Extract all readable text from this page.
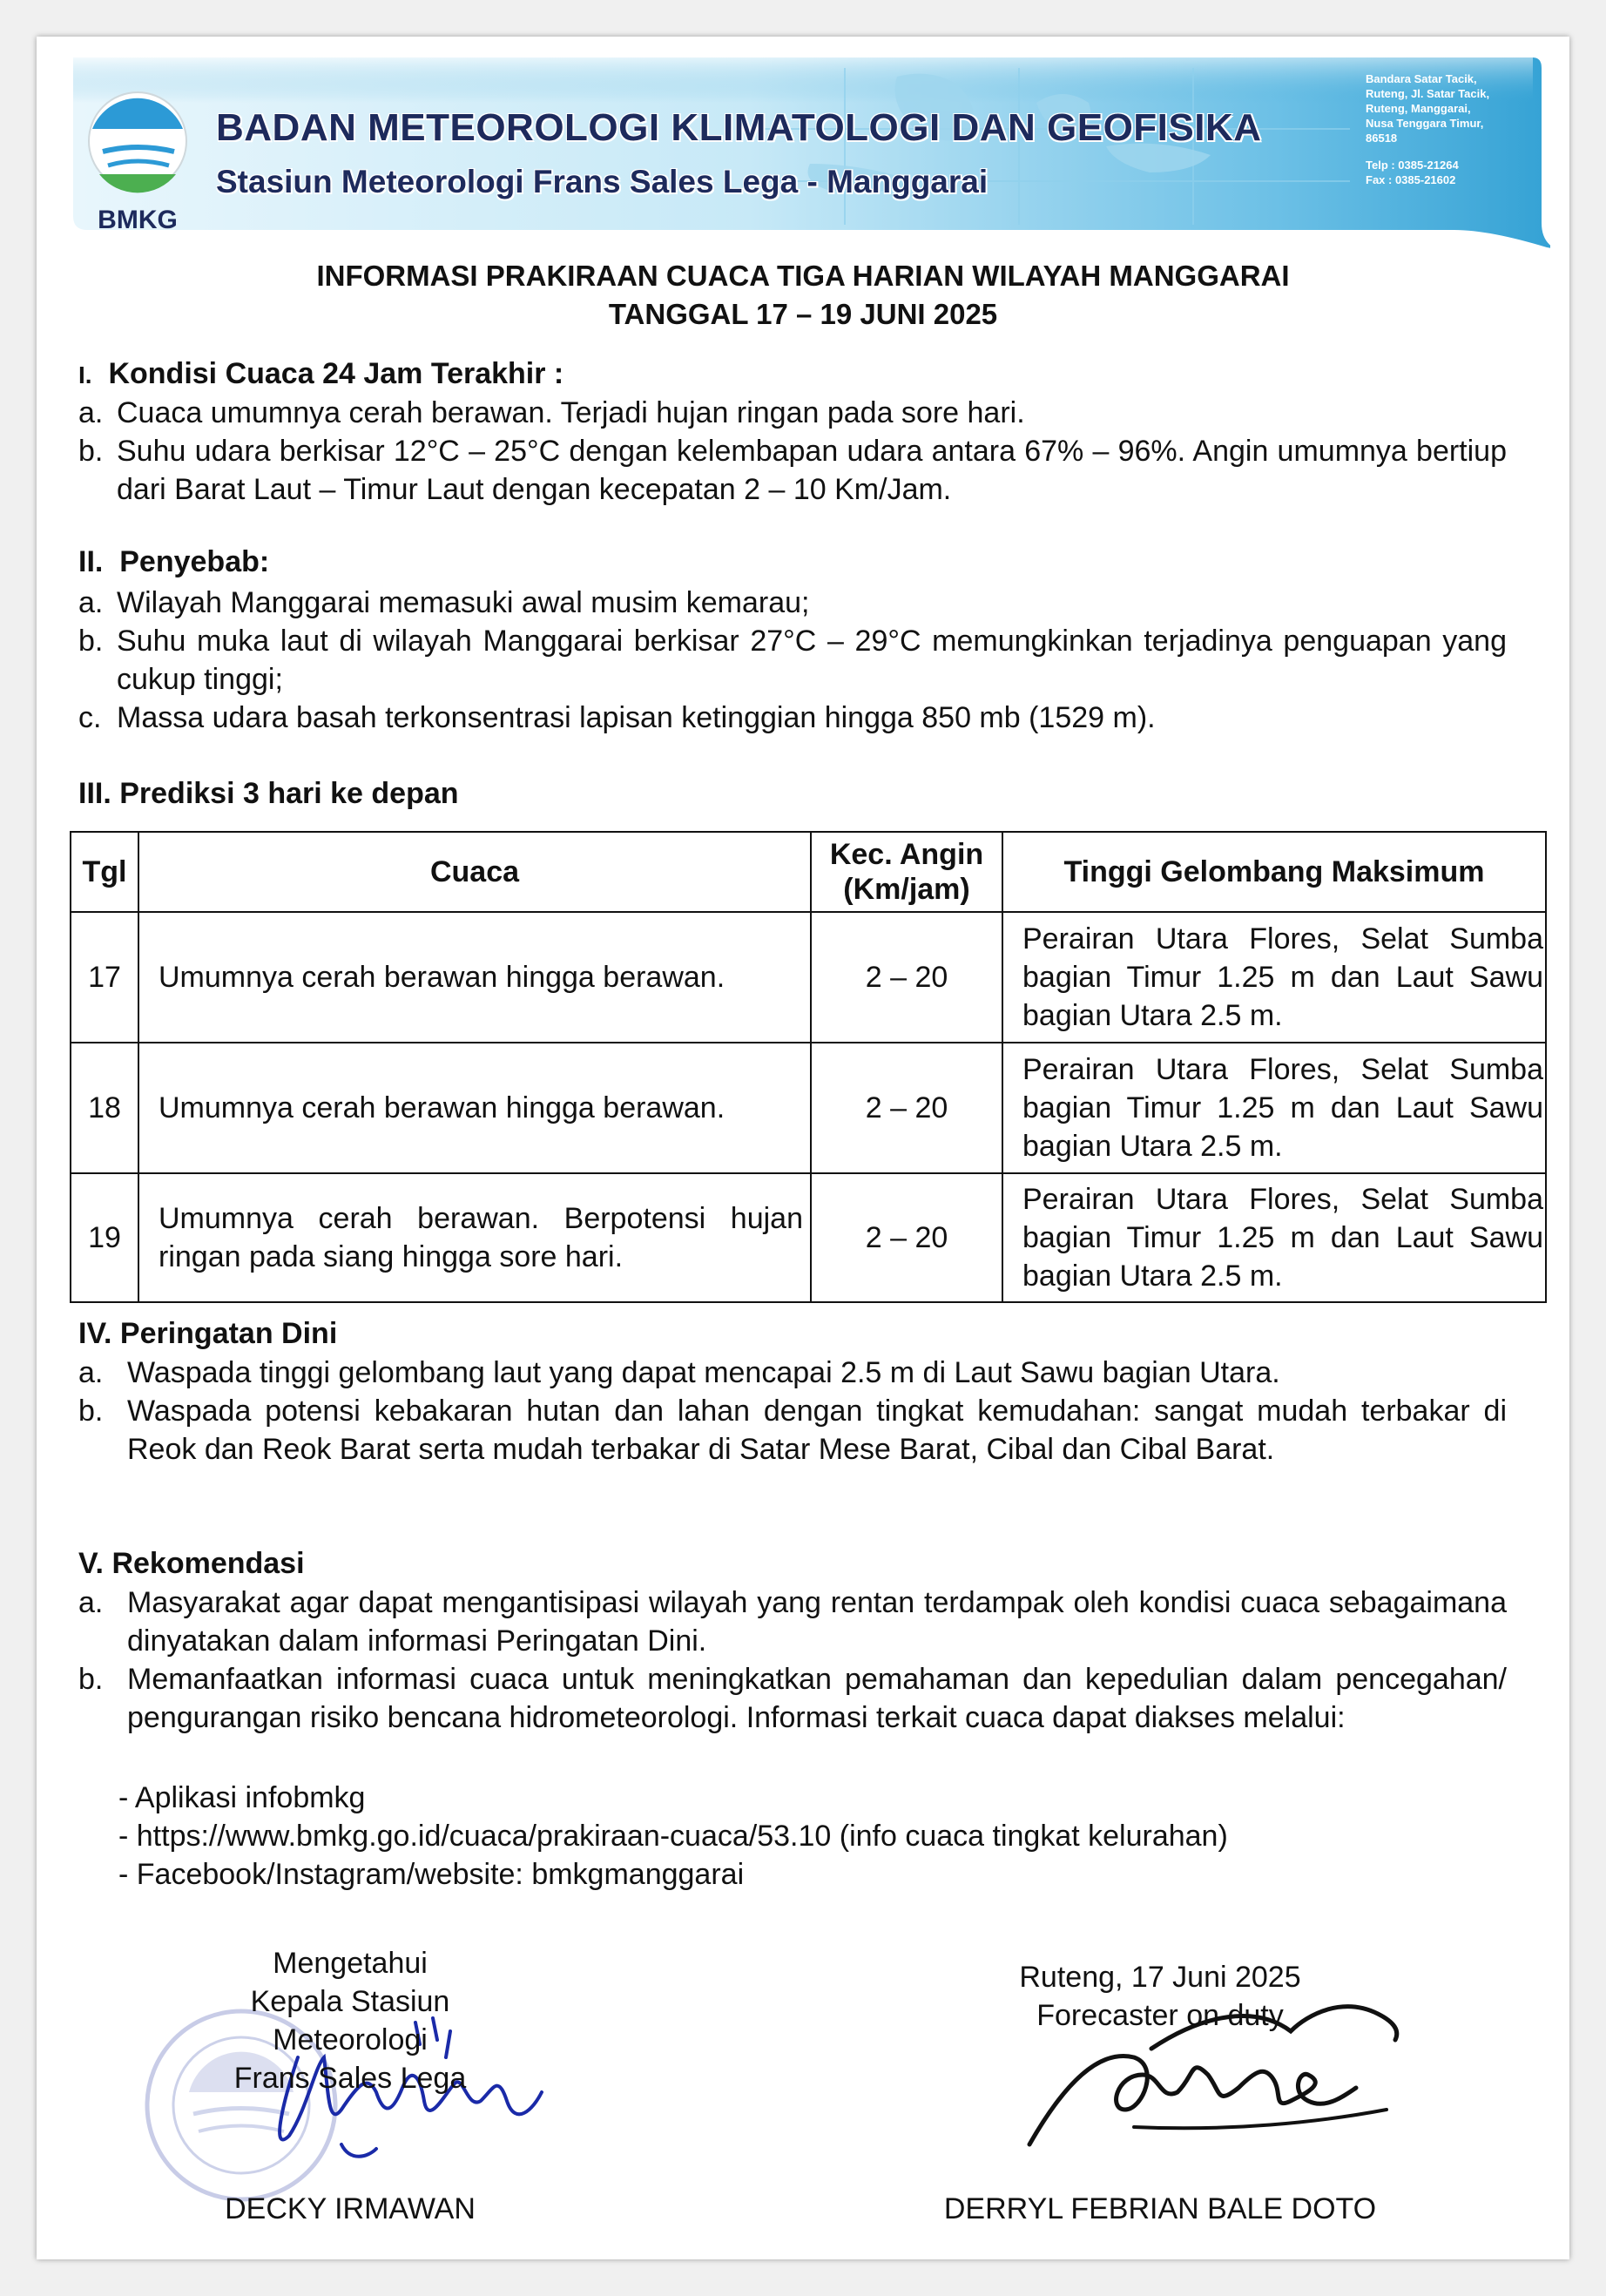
BMKG
BADAN METEOROLOGI KLIMATOLOGI DAN GEOFISIKA
Stasiun Meteorologi Frans Sales Lega - Manggarai
Bandara Satar Tacik,
Ruteng, Jl. Satar Tacik,
Ruteng, Manggarai,
Nusa Tenggara Timur,
86518
Telp : 0385-21264
Fax : 0385-21602
INFORMASI PRAKIRAAN CUACA TIGA HARIAN WILAYAH MANGGARAI
TANGGAL 17 – 19 JUNI 2025
I. Kondisi Cuaca 24 Jam Terakhir :
a. Cuaca umumnya cerah berawan. Terjadi hujan ringan pada sore hari.
b. Suhu udara berkisar 12°C – 25°C dengan kelembapan udara antara 67% – 96%. Angin umumnya bertiup dari Barat Laut – Timur Laut dengan kecepatan 2 – 10 Km/Jam.
II. Penyebab:
a. Wilayah Manggarai memasuki awal musim kemarau;
b. Suhu muka laut di wilayah Manggarai berkisar 27°C – 29°C memungkinkan terjadinya penguapan yang cukup tinggi;
c. Massa udara basah terkonsentrasi lapisan ketinggian hingga 850 mb (1529 m).
III. Prediksi 3 hari ke depan
Tgl	Cuaca	Kec. Angin (Km/jam)	Tinggi Gelombang Maksimum
17	Umumnya cerah berawan hingga berawan.	2 – 20	Perairan Utara Flores, Selat Sumba bagian Timur 1.25 m dan Laut Sawu bagian Utara 2.5 m.
18	Umumnya cerah berawan hingga berawan.	2 – 20	Perairan Utara Flores, Selat Sumba bagian Timur 1.25 m dan Laut Sawu bagian Utara 2.5 m.
19	Umumnya cerah berawan. Berpotensi hujan ringan pada siang hingga sore hari.	2 – 20	Perairan Utara Flores, Selat Sumba bagian Timur 1.25 m dan Laut Sawu bagian Utara 2.5 m.
IV. Peringatan Dini
a. Waspada tinggi gelombang laut yang dapat mencapai 2.5 m di Laut Sawu bagian Utara.
b. Waspada potensi kebakaran hutan dan lahan dengan tingkat kemudahan: sangat mudah terbakar di Reok dan Reok Barat serta mudah terbakar di Satar Mese Barat, Cibal dan Cibal Barat.
V. Rekomendasi
a. Masyarakat agar dapat mengantisipasi wilayah yang rentan terdampak oleh kondisi cuaca sebagaimana dinyatakan dalam informasi Peringatan Dini.
b. Memanfaatkan informasi cuaca untuk meningkatkan pemahaman dan kepedulian dalam pencegahan/ pengurangan risiko bencana hidrometeorologi. Informasi terkait cuaca dapat diakses melalui:
- Aplikasi infobmkg
- https://www.bmkg.go.id/cuaca/prakiraan-cuaca/53.10 (info cuaca tingkat kelurahan)
- Facebook/Instagram/website: bmkgmanggarai
Mengetahui
Kepala Stasiun Meteorologi
Frans Sales Lega
DECKY IRMAWAN
Ruteng, 17 Juni 2025
Forecaster on duty
DERRYL FEBRIAN BALE DOTO
